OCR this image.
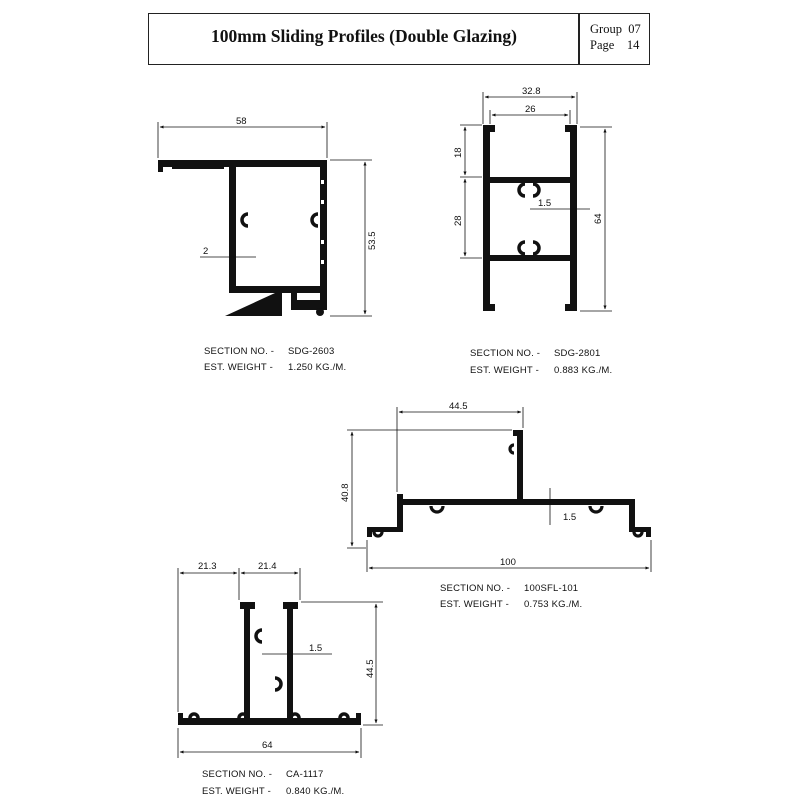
100mm Sliding Profiles (Double Glazing)	Group 07
Page 14
58
53.5
2
32.8
26
18
28
1.5
64
44.5
40.8
1.5
100
21.3	21.4
1.5
44.5
64
SECTION NO. - SDG-2603
EST. WEIGHT - 1.250 KG./M.
SECTION NO. - SDG-2801
EST. WEIGHT - 0.883 KG./M.
SECTION NO. - 100SFL-101
EST. WEIGHT - 0.753 KG./M.
SECTION NO. - CA-1117
EST. WEIGHT - 0.840 KG./M.
